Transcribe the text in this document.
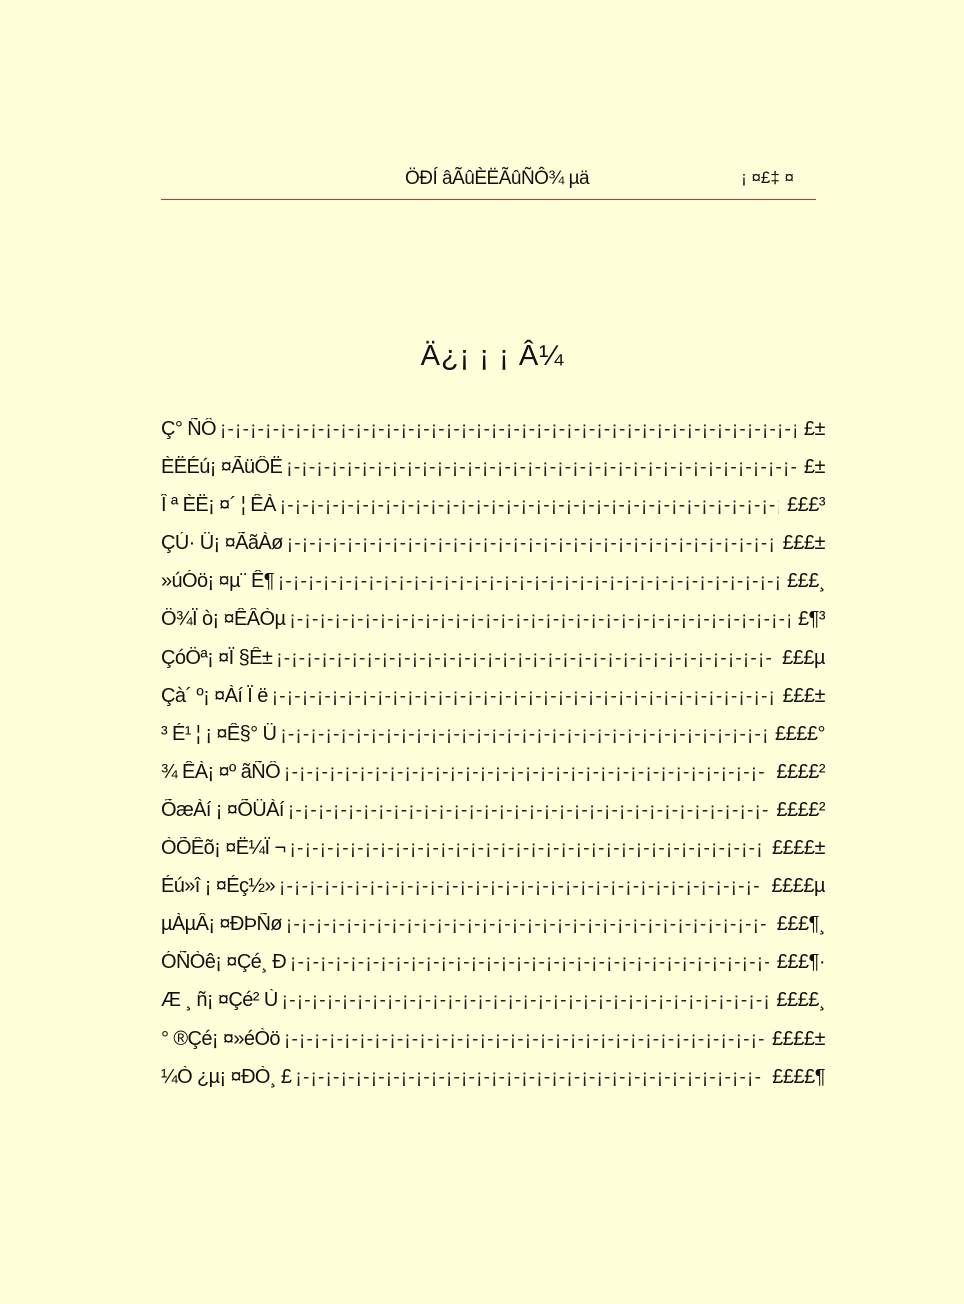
ÖÐÍ âÃûÈËÃûÑÔ¾ µä	¡ ¤£‡ ¤
Ä¿¡ ¡ ¡ Â¼
Ç° ÑÔ ¡-¡-¡-¡-¡-¡-¡-¡-¡-¡-¡-¡-¡-¡-¡-¡-¡-¡-¡-¡-¡-¡-¡-¡-¡-¡-¡-¡-¡-¡-¡-¡-¡-¡-¡-¡-¡-¡-¡-¡-¡-	£±
ÈËÉú¡ ¤ÃüÔË ¡-¡-¡-¡-¡-¡-¡-¡-¡-¡-¡-¡-¡-¡-¡-¡-¡-¡-¡-¡-¡-¡-¡-¡-¡-¡-¡-¡-¡-¡-¡-¡-¡-¡-¡-¡-¡-¡-¡-¡-¡-	£±
Î ª ÈË¡ ¤´ ¦ ÊÀ ¡-¡-¡-¡-¡-¡-¡-¡-¡-¡-¡-¡-¡-¡-¡-¡-¡-¡-¡-¡-¡-¡-¡-¡-¡-¡-¡-¡-¡-¡-¡-¡-¡-¡-¡-¡-¡-¡-¡-¡-¡-	£££³
ÇÚ· Ü¡ ¤ÃãÀø ¡-¡-¡-¡-¡-¡-¡-¡-¡-¡-¡-¡-¡-¡-¡-¡-¡-¡-¡-¡-¡-¡-¡-¡-¡-¡-¡-¡-¡-¡-¡-¡-¡-¡-¡-¡-¡-¡-¡-¡-¡-	£££±
»úÓö¡ ¤µ¨ Ê¶ ¡-¡-¡-¡-¡-¡-¡-¡-¡-¡-¡-¡-¡-¡-¡-¡-¡-¡-¡-¡-¡-¡-¡-¡-¡-¡-¡-¡-¡-¡-¡-¡-¡-¡-¡-¡-¡-¡-¡-¡-¡-	£££¸
Ö¾Ï ò¡ ¤ÊÂÒµ ¡-¡-¡-¡-¡-¡-¡-¡-¡-¡-¡-¡-¡-¡-¡-¡-¡-¡-¡-¡-¡-¡-¡-¡-¡-¡-¡-¡-¡-¡-¡-¡-¡-¡-¡-¡-¡-¡-¡-¡-¡-	£¶³
ÇóÖª¡ ¤Ï §Ê± ¡-¡-¡-¡-¡-¡-¡-¡-¡-¡-¡-¡-¡-¡-¡-¡-¡-¡-¡-¡-¡-¡-¡-¡-¡-¡-¡-¡-¡-¡-¡-¡-¡-¡-¡-¡-¡-¡-¡-¡-¡-	£££µ
Çà´ º¡ ¤Àí Ï ë ¡-¡-¡-¡-¡-¡-¡-¡-¡-¡-¡-¡-¡-¡-¡-¡-¡-¡-¡-¡-¡-¡-¡-¡-¡-¡-¡-¡-¡-¡-¡-¡-¡-¡-¡-¡-¡-¡-¡-¡-¡-	£££±
³ É¹ ¦ ¡ ¤Ê§° Ü ¡-¡-¡-¡-¡-¡-¡-¡-¡-¡-¡-¡-¡-¡-¡-¡-¡-¡-¡-¡-¡-¡-¡-¡-¡-¡-¡-¡-¡-¡-¡-¡-¡-¡-¡-¡-¡-¡-¡-¡-¡-	££££°
¾ ÊÀ¡ ¤º ãÑÔ ¡-¡-¡-¡-¡-¡-¡-¡-¡-¡-¡-¡-¡-¡-¡-¡-¡-¡-¡-¡-¡-¡-¡-¡-¡-¡-¡-¡-¡-¡-¡-¡-¡-¡-¡-¡-¡-¡-¡-¡-¡-	££££²
ÕæÀí ¡ ¤ÕÜÀí ¡-¡-¡-¡-¡-¡-¡-¡-¡-¡-¡-¡-¡-¡-¡-¡-¡-¡-¡-¡-¡-¡-¡-¡-¡-¡-¡-¡-¡-¡-¡-¡-¡-¡-¡-¡-¡-¡-¡-¡-¡-	££££²
ÒÕÊõ¡ ¤Ë¼Ï ¬ ¡-¡-¡-¡-¡-¡-¡-¡-¡-¡-¡-¡-¡-¡-¡-¡-¡-¡-¡-¡-¡-¡-¡-¡-¡-¡-¡-¡-¡-¡-¡-¡-¡-¡-¡-¡-¡-¡-¡-¡-¡-	££££±
Éú»î ¡ ¤Éç½» ¡-¡-¡-¡-¡-¡-¡-¡-¡-¡-¡-¡-¡-¡-¡-¡-¡-¡-¡-¡-¡-¡-¡-¡-¡-¡-¡-¡-¡-¡-¡-¡-¡-¡-¡-¡-¡-¡-¡-¡-¡-	££££µ
µÀµÂ¡ ¤ÐÞÑø ¡-¡-¡-¡-¡-¡-¡-¡-¡-¡-¡-¡-¡-¡-¡-¡-¡-¡-¡-¡-¡-¡-¡-¡-¡-¡-¡-¡-¡-¡-¡-¡-¡-¡-¡-¡-¡-¡-¡-¡-¡-	£££¶¸
ÓÑÒê¡ ¤Çé¸ Ð ¡-¡-¡-¡-¡-¡-¡-¡-¡-¡-¡-¡-¡-¡-¡-¡-¡-¡-¡-¡-¡-¡-¡-¡-¡-¡-¡-¡-¡-¡-¡-¡-¡-¡-¡-¡-¡-¡-¡-¡-¡-	£££¶·
Æ ¸ ñ¡ ¤Çé² Ù ¡-¡-¡-¡-¡-¡-¡-¡-¡-¡-¡-¡-¡-¡-¡-¡-¡-¡-¡-¡-¡-¡-¡-¡-¡-¡-¡-¡-¡-¡-¡-¡-¡-¡-¡-¡-¡-¡-¡-¡-¡-	££££¸
° ®Çé¡ ¤»éÒö ¡-¡-¡-¡-¡-¡-¡-¡-¡-¡-¡-¡-¡-¡-¡-¡-¡-¡-¡-¡-¡-¡-¡-¡-¡-¡-¡-¡-¡-¡-¡-¡-¡-¡-¡-¡-¡-¡-¡-¡-¡-	££££±
¼Ò ¿µ¡ ¤ÐÒ¸ £ ¡-¡-¡-¡-¡-¡-¡-¡-¡-¡-¡-¡-¡-¡-¡-¡-¡-¡-¡-¡-¡-¡-¡-¡-¡-¡-¡-¡-¡-¡-¡-¡-¡-¡-¡-¡-¡-¡-¡-¡-¡-	££££¶
